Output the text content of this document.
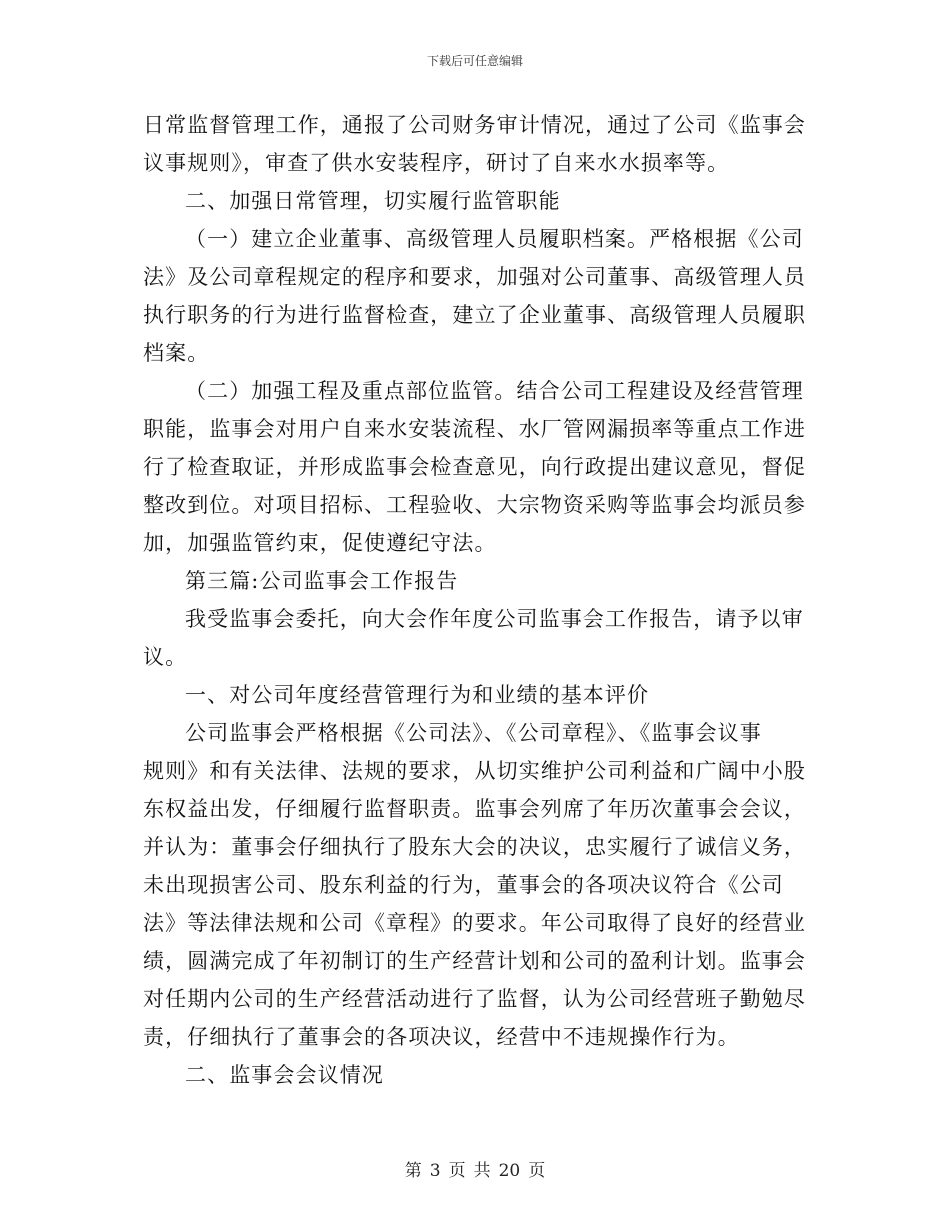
下载后可任意编辑
日常监督管理工作，通报了公司财务审计情况，通过了公司《监事会
议事规则》，审查了供水安装程序，研讨了自来水水损率等。
二、加强日常管理，切实履行监管职能
（一）建立企业董事、高级管理人员履职档案。严格根据《公司
法》及公司章程规定的程序和要求，加强对公司董事、高级管理人员
执行职务的行为进行监督检查，建立了企业董事、高级管理人员履职
档案。
（二）加强工程及重点部位监管。结合公司工程建设及经营管理
职能，监事会对用户自来水安装流程、水厂管网漏损率等重点工作进
行了检查取证，并形成监事会检查意见，向行政提出建议意见，督促
整改到位。对项目招标、工程验收、大宗物资采购等监事会均派员参
加，加强监管约束，促使遵纪守法。
第三篇:公司监事会工作报告
我受监事会委托，向大会作年度公司监事会工作报告，请予以审
议。
一、对公司年度经营管理行为和业绩的基本评价
公司监事会严格根据《公司法》、《公司章程》、《监事会议事
规则》和有关法律、法规的要求，从切实维护公司利益和广阔中小股
东权益出发，仔细履行监督职责。监事会列席了年历次董事会会议，
并认为：董事会仔细执行了股东大会的决议，忠实履行了诚信义务，
未出现损害公司、股东利益的行为，董事会的各项决议符合《公司
法》等法律法规和公司《章程》的要求。年公司取得了良好的经营业
绩，圆满完成了年初制订的生产经营计划和公司的盈利计划。监事会
对任期内公司的生产经营活动进行了监督，认为公司经营班子勤勉尽
责，仔细执行了董事会的各项决议，经营中不违规操作行为。
二、监事会会议情况
第 3 页 共 20 页
